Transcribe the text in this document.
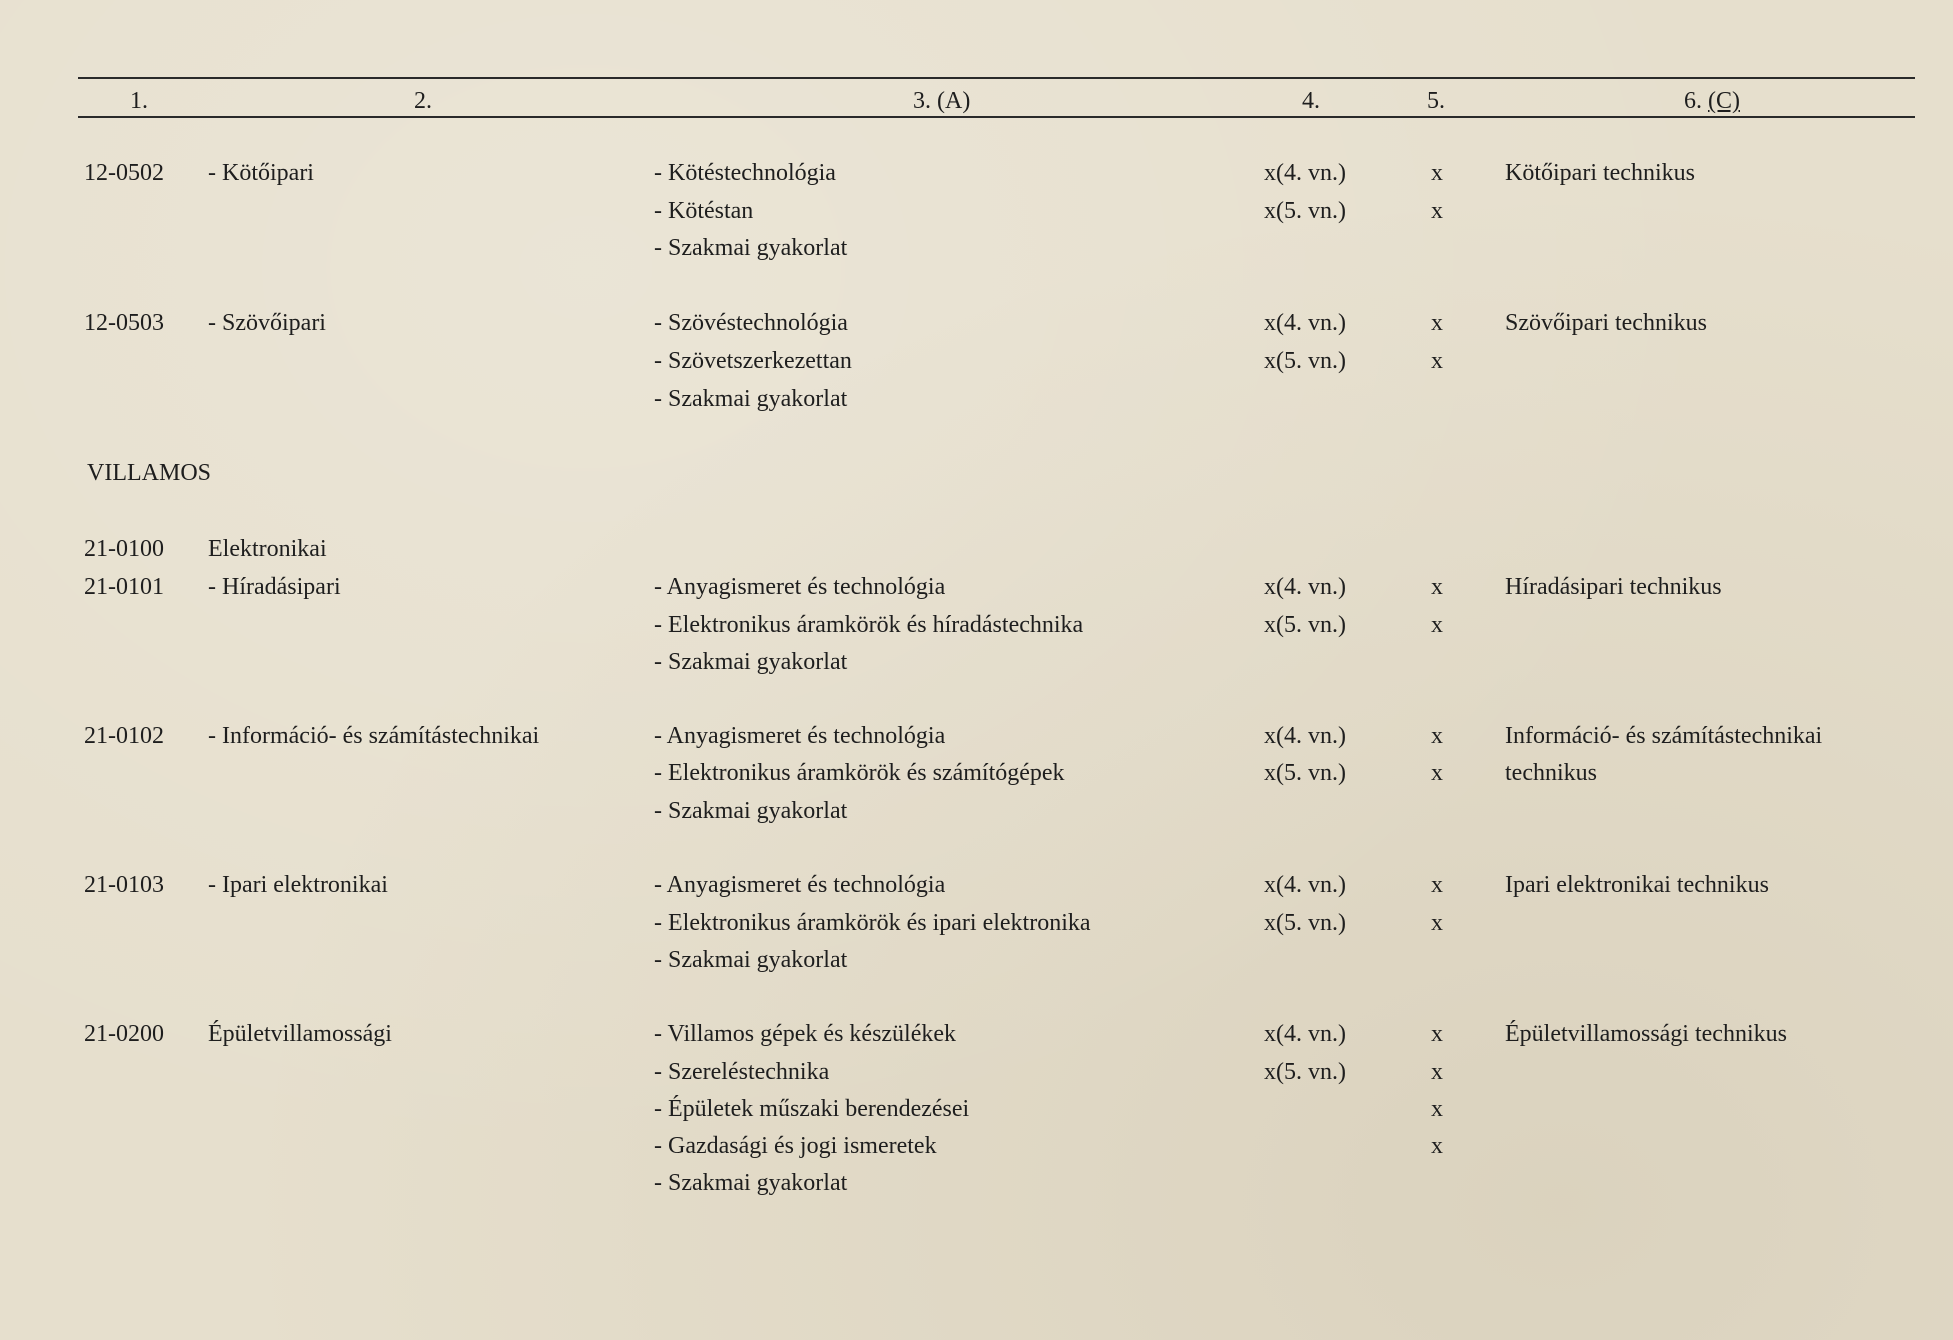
1.	2.	3. (A)	4.	5.	6. (C)
VILLAMOS
12-0502 - Kötőipari	- Kötéstechnológia	x(4. vn.)	x	Kötőipari technikus
- Kötéstan	x(5. vn.)	x
- Szakmai gyakorlat
12-0503 - Szövőipari	- Szövéstechnológia	x(4. vn.)	x	Szövőipari technikus
- Szövetszerkezettan	x(5. vn.)	x
- Szakmai gyakorlat
21-0100 Elektronikai
21-0101 - Híradásipari	- Anyagismeret és technológia	x(4. vn.)	x	Híradásipari technikus
- Elektronikus áramkörök és híradástechnika	x(5. vn.)	x
- Szakmai gyakorlat
21-0102 - Információ- és számítástechnikai	- Anyagismeret és technológia	x(4. vn.)	x	Információ- és számítástechnikai
- Elektronikus áramkörök és számítógépek	x(5. vn.)	x	technikus
- Szakmai gyakorlat
21-0103 - Ipari elektronikai	- Anyagismeret és technológia	x(4. vn.)	x	Ipari elektronikai technikus
- Elektronikus áramkörök és ipari elektronika	x(5. vn.)	x
- Szakmai gyakorlat
21-0200 Épületvillamossági	- Villamos gépek és készülékek	x(4. vn.)	x	Épületvillamossági technikus
- Szereléstechnika	x(5. vn.)	x
- Épületek műszaki berendezései	x
- Gazdasági és jogi ismeretek	x
- Szakmai gyakorlat
